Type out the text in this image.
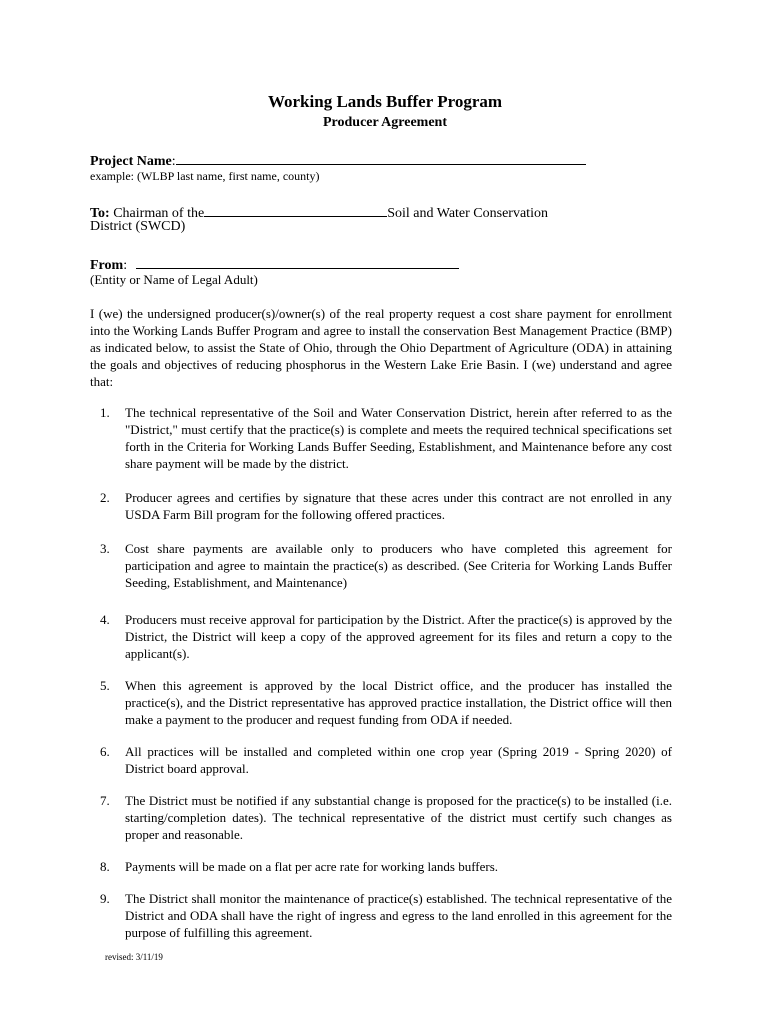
Working Lands Buffer Program
Producer Agreement
Project Name:
example: (WLBP last name, first name, county)
To: Chairman of the	Soil and Water Conservation
District (SWCD)
From:
(Entity or Name of Legal Adult)

I (we) the undersigned producer(s)/owner(s) of the real property request a cost share payment for enrollment into the Working Lands Buffer Program and agree to install the conservation Best Management Practice (BMP) as indicated below, to assist the State of Ohio, through the Ohio Department of Agriculture (ODA) in attaining the goals and objectives of reducing phosphorus in the Western Lake Erie Basin. I (we) understand and agree that:

1. The technical representative of the Soil and Water Conservation District, herein after referred to as the "District," must certify that the practice(s) is complete and meets the required technical specifications set forth in the Criteria for Working Lands Buffer Seeding, Establishment, and Maintenance before any cost share payment will be made by the district.
2. Producer agrees and certifies by signature that these acres under this contract are not enrolled in any USDA Farm Bill program for the following offered practices.
3. Cost share payments are available only to producers who have completed this agreement for participation and agree to maintain the practice(s) as described. (See Criteria for Working Lands Buffer Seeding, Establishment, and Maintenance)
4. Producers must receive approval for participation by the District. After the practice(s) is approved by the District, the District will keep a copy of the approved agreement for its files and return a copy to the applicant(s).
5. When this agreement is approved by the local District office, and the producer has installed the practice(s), and the District representative has approved practice installation, the District office will then make a payment to the producer and request funding from ODA if needed.
6. All practices will be installed and completed within one crop year (Spring 2019 - Spring 2020) of District board approval.
7. The District must be notified if any substantial change is proposed for the practice(s) to be installed (i.e. starting/completion dates). The technical representative of the district must certify such changes as proper and reasonable.
8. Payments will be made on a flat per acre rate for working lands buffers.
9. The District shall monitor the maintenance of practice(s) established. The technical representative of the District and ODA shall have the right of ingress and egress to the land enrolled in this agreement for the purpose of fulfilling this agreement.
revised: 3/11/19
